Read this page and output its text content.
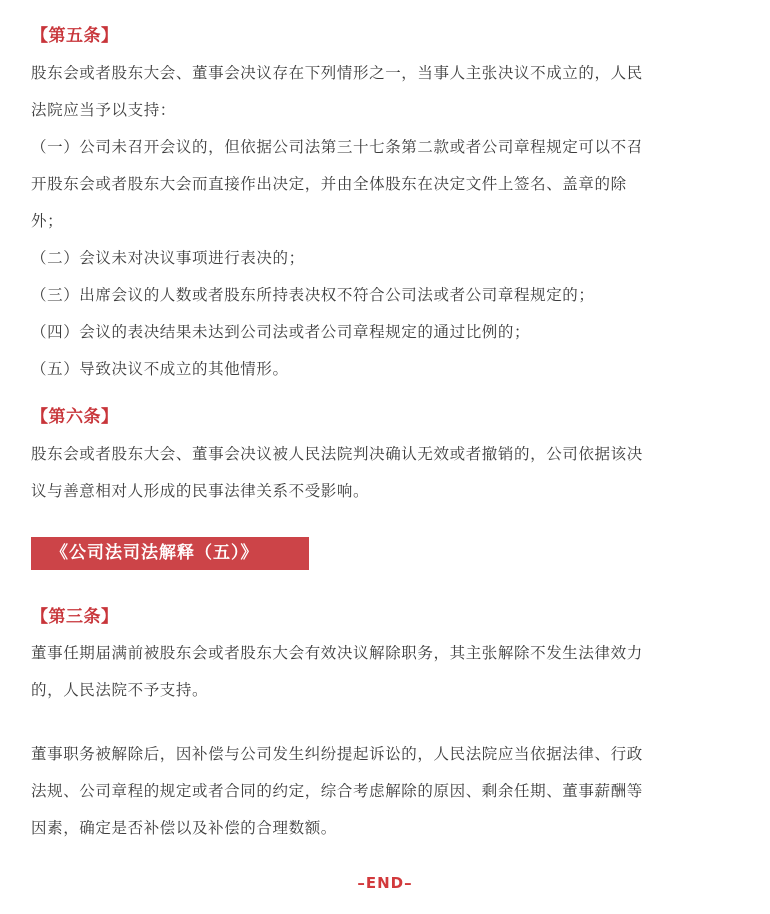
【第五条】

股东会或者股东大会、董事会决议存在下列情形之一，当事人主张决议不成立的，人民

法院应当予以支持：

（一）公司未召开会议的，但依据公司法第三十七条第二款或者公司章程规定可以不召

开股东会或者股东大会而直接作出决定，并由全体股东在决定文件上签名、盖章的除

外；

（二）会议未对决议事项进行表决的；

（三）出席会议的人数或者股东所持表决权不符合公司法或者公司章程规定的；

（四）会议的表决结果未达到公司法或者公司章程规定的通过比例的；

（五）导致决议不成立的其他情形。

【第六条】

股东会或者股东大会、董事会决议被人民法院判决确认无效或者撤销的，公司依据该决

议与善意相对人形成的民事法律关系不受影响。

《公司法司法解释（五）》
【第三条】

董事任期届满前被股东会或者股东大会有效决议解除职务，其主张解除不发生法律效力

的，人民法院不予支持。

董事职务被解除后，因补偿与公司发生纠纷提起诉讼的，人民法院应当依据法律、行政

法规、公司章程的规定或者合同的约定，综合考虑解除的原因、剩余任期、董事薪酬等

因素，确定是否补偿以及补偿的合理数额。

–END–
